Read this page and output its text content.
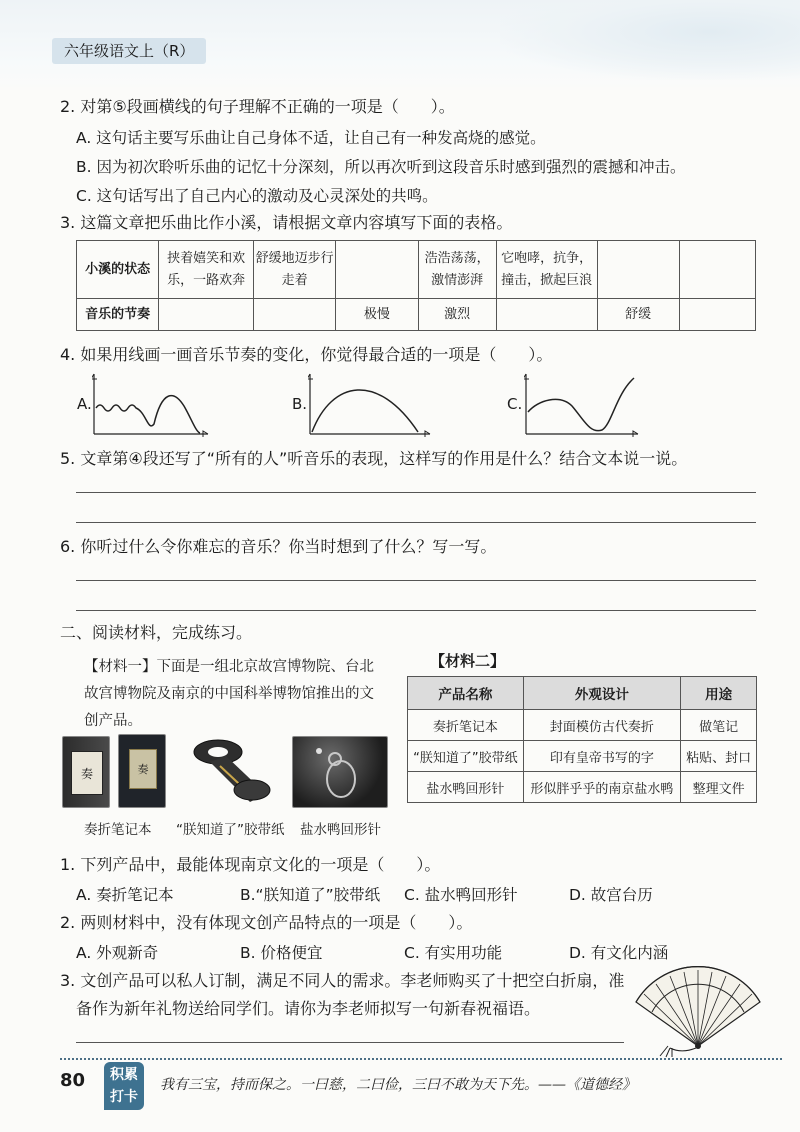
六年级语文上（R）
2. 对第⑤段画横线的句子理解不正确的一项是（　　）。
A. 这句话主要写乐曲让自己身体不适，让自己有一种发高烧的感觉。
B. 因为初次聆听乐曲的记忆十分深刻，所以再次听到这段音乐时感到强烈的震撼和冲击。
C. 这句话写出了自己内心的激动及心灵深处的共鸣。
3. 这篇文章把乐曲比作小溪，请根据文章内容填写下面的表格。
小溪的状态	挟着嬉笑和欢乐，一路欢奔	舒缓地迈步行走着		浩浩荡荡，激情澎湃	它咆哮，抗争，撞击，掀起巨浪		
音乐的节奏			极慢	激烈		舒缓	
4. 如果用线画一画音乐节奏的变化，你觉得最合适的一项是（　　）。
A.	B.	C.
5. 文章第④段还写了“所有的人”听音乐的表现，这样写的作用是什么？结合文本说一说。
6. 你听过什么令你难忘的音乐？你当时想到了什么？写一写。
二、阅读材料，完成练习。
【材料一】下面是一组北京故宫博物院、台北故宫博物院及南京的中国科举博物馆推出的文创产品。
【材料二】
产品名称	外观设计	用途
奏折笔记本	封面模仿古代奏折	做笔记
“朕知道了”胶带纸	印有皇帝书写的字	粘贴、封口
盐水鸭回形针	形似胖乎乎的南京盐水鸭	整理文件
奏	奏
奏折笔记本 “朕知道了”胶带纸 盐水鸭回形针
1. 下列产品中，最能体现南京文化的一项是（　　）。
A. 奏折笔记本	B.“朕知道了”胶带纸 C. 盐水鸭回形针	D. 故宫台历
2. 两则材料中，没有体现文创产品特点的一项是（　　）。
A. 外观新奇	B. 价格便宜	C. 有实用功能	D. 有文化内涵
3. 文创产品可以私人订制，满足不同人的需求。李老师购买了十把空白折扇，准
备作为新年礼物送给同学们。请你为李老师拟写一句新春祝福语。
80	积累
打卡
我有三宝，持而保之。一曰慈，二曰俭，三曰不敢为天下先。——《道德经》
